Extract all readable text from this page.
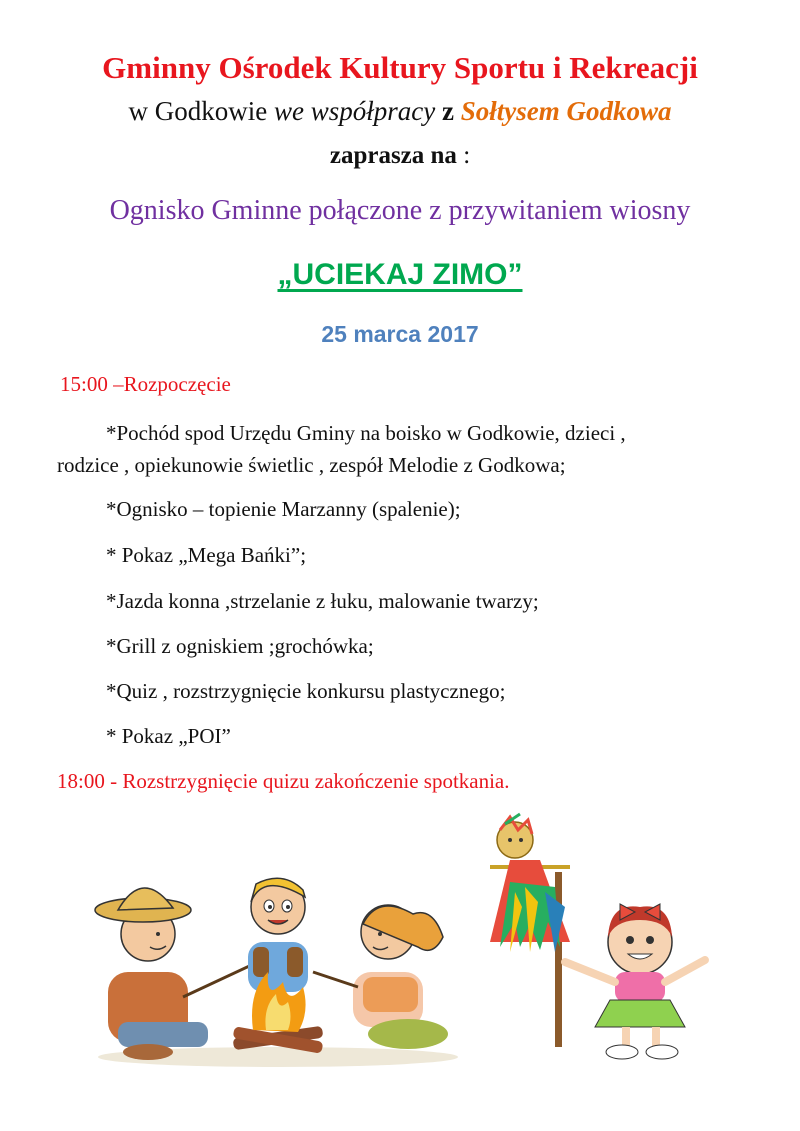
Gminny Ośrodek Kultury Sportu i Rekreacji
w Godkowie we współpracy z Sołtysem Godkowa
zaprasza na :
Ognisko Gminne połączone z przywitaniem wiosny
„UCIEKAJ ZIMO”
25 marca 2017
15:00 –Rozpoczęcie
*Pochód spod Urzędu Gminy na boisko w Godkowie, dzieci ,
rodzice , opiekunowie świetlic , zespół Melodie z Godkowa;
*Ognisko – topienie Marzanny (spalenie);
* Pokaz „Mega Bańki”;
*Jazda konna ,strzelanie z łuku, malowanie twarzy;
*Grill z ogniskiem ;grochówka;
*Quiz , rozstrzygnięcie konkursu plastycznego;
* Pokaz „POI”
18:00 - Rozstrzygnięcie quizu zakończenie spotkania.
